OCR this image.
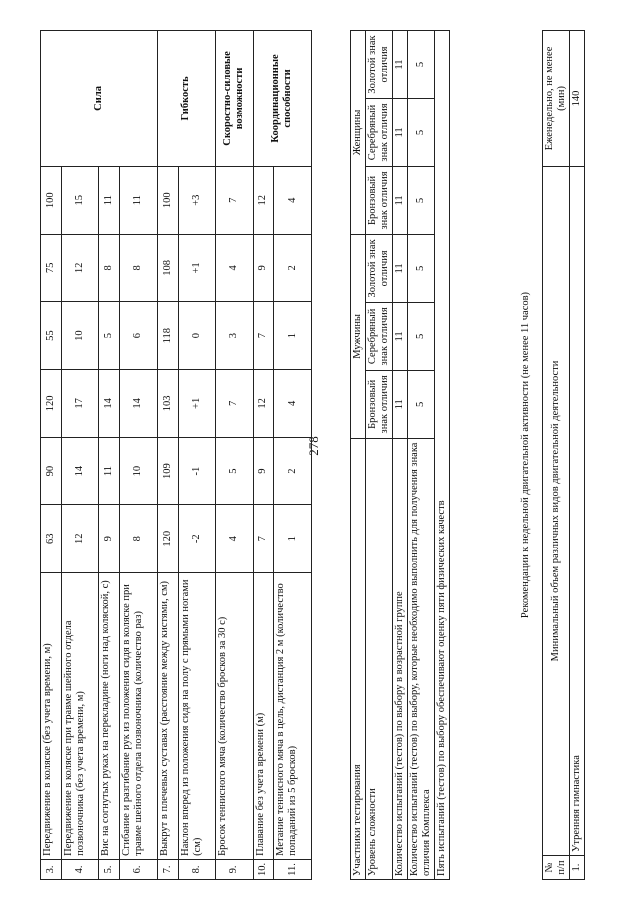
278
3.	Передвижение в коляске (без учета времени, м)	63	90	120	55	75	100	Сила
4.	Передвижение в коляске при травме шейного отдела позвоночника (без учета времени, м)	12	14	17	10	12	15	
5.	Вис на согнутых руках на перекладине (ноги над коляской, с)	9	11	14	5	8	11	
6.	Сгибание и разгибание рук из положения сидя в коляске при травме шейного отдела позвоночника (количество раз)	8	10	14	6	8	11	
7.	Выкрут в плечевых суставах (расстояние между кистями, см)	120	109	103	118	108	100	Гибкость
8.	Наклон вперед из положения сидя на полу с прямыми ногами (см)	-2	-1	+1	0	+1	+3	
9.	Бросок теннисного мяча (количество бросков за 30 с)	4	5	7	3	4	7	Скоростно-силовые возможности
10.	Плавание без учета времени (м)	7	9	12	7	9	12	Координационные способности
11.	Метание теннисного мяча в цель, дистанция 2 м (количество попаданий из 5 бросков)	1	2	4	1	2	4	
Участники тестирования	Мужчины			Женщины		
Уровень сложности	Бронзовый знак отличия	Серебряный знак отличия	Золотой знак отличия	Бронзовый знак отличия	Серебряный знак отличия	Золотой знак отличия
Количество испытаний (тестов) по выбору в возрастной группе	11	11	11	11	11	11
Количество испытаний (тестов) по выбору, которые необходимо выполнить для получения знака отличия Комплекса	5	5	5	5	5	5
Пять испытаний (тестов) по выбору обеспечивают оценку пяти физических качеств						
Рекомендации к недельной двигательной активности (не менее 11 часов)
№ п/п	Минимальный объем различных видов двигательной деятельности	Еженедельно, не менее (мин)
1.	Утренняя гимнастика	140
